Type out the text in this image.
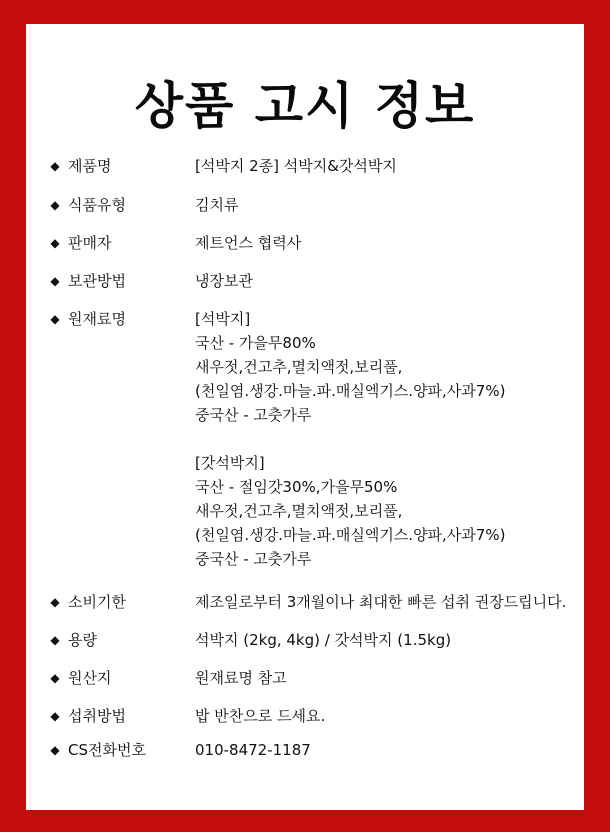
상품 고시 정보
◆ 제품명	[석박지 2종] 석박지&갓석박지
◆ 식품유형	김치류
◆ 판매자	제트언스 협력사
◆ 보관방법	냉장보관
◆ 원재료명	[석박지]
국산 - 가을무80%
새우젓,건고추,멸치액젓,보리풀,
(천일염.생강.마늘.파.매실엑기스.양파,사과7%)
중국산 - 고춧가루
[갓석박지]
국산 - 절임갓30%,가을무50%
새우젓,건고추,멸치액젓,보리풀,
(천일염.생강.마늘.파.매실엑기스.양파,사과7%)
중국산 - 고춧가루
◆ 소비기한	제조일로부터 3개월이나 최대한 빠른 섭취 권장드립니다.
◆ 용량	석박지 (2kg, 4kg) / 갓석박지 (1.5kg)
◆ 원산지	원재료명 참고
◆ 섭취방법	밥 반찬으로 드세요.
◆ CS전화번호	010-8472-1187
